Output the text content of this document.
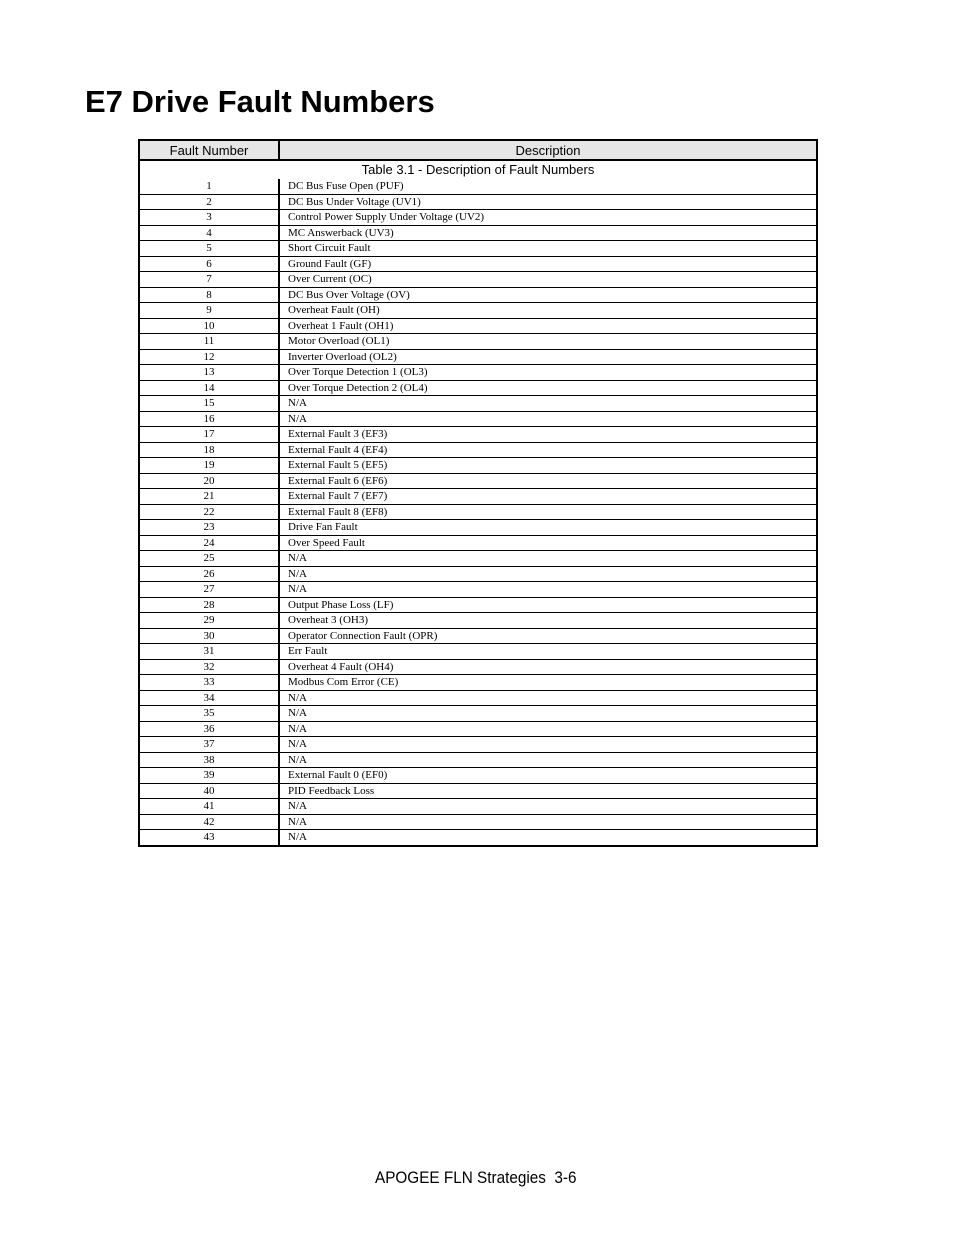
E7 Drive Fault Numbers
Table 3.1 - Description of Fault Numbers	
Fault Number	Description
1	DC Bus Fuse Open (PUF)
2	DC Bus Under Voltage (UV1)
3	Control Power Supply Under Voltage (UV2)
4	MC Answerback (UV3)
5	Short Circuit Fault
6	Ground Fault (GF)
7	Over Current (OC)
8	DC Bus Over Voltage (OV)
9	Overheat Fault (OH)
10	Overheat 1 Fault (OH1)
11	Motor Overload (OL1)
12	Inverter Overload (OL2)
13	Over Torque Detection 1 (OL3)
14	Over Torque Detection 2 (OL4)
15	N/A
16	N/A
17	External Fault 3 (EF3)
18	External Fault 4 (EF4)
19	External Fault 5 (EF5)
20	External Fault 6 (EF6)
21	External Fault 7 (EF7)
22	External Fault 8 (EF8)
23	Drive Fan Fault
24	Over Speed Fault
25	N/A
26	N/A
27	N/A
28	Output Phase Loss (LF)
29	Overheat 3 (OH3)
30	Operator Connection Fault (OPR)
31	Err Fault
32	Overheat 4 Fault (OH4)
33	Modbus Com Error (CE)
34	N/A
35	N/A
36	N/A
37	N/A
38	N/A
39	External Fault 0 (EF0)
40	PID Feedback Loss
41	N/A
42	N/A
43	N/A
APOGEE FLN Strategies  3-6
